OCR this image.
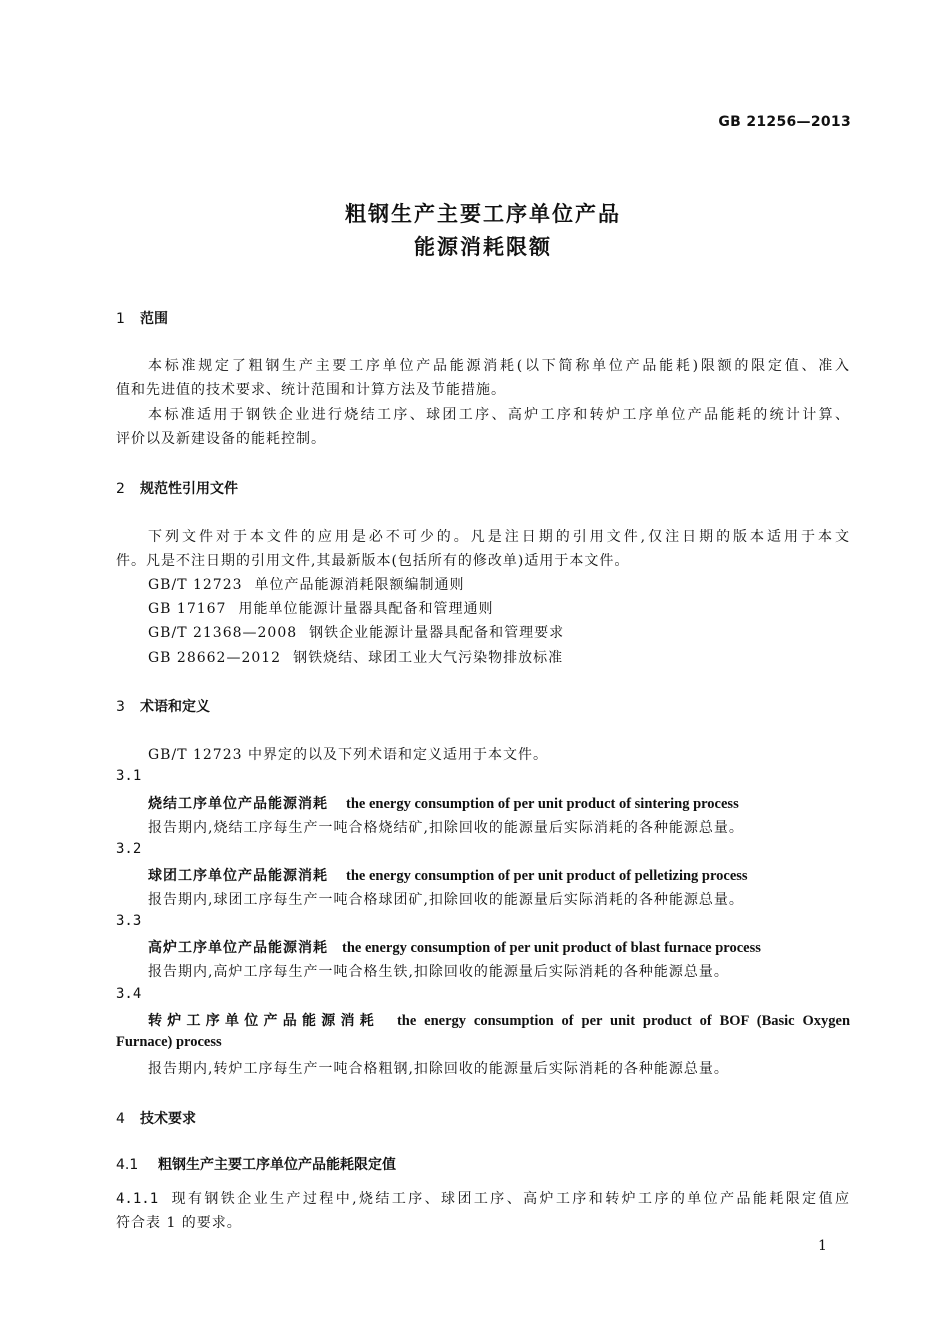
GB 21256—2013
粗钢生产主要工序单位产品
能源消耗限额
1 范围
本标准规定了粗钢生产主要工序单位产品能源消耗(以下简称单位产品能耗)限额的限定值、准入
值和先进值的技术要求、统计范围和计算方法及节能措施。
本标准适用于钢铁企业进行烧结工序、球团工序、高炉工序和转炉工序单位产品能耗的统计计算、
评价以及新建设备的能耗控制。
2 规范性引用文件
下列文件对于本文件的应用是必不可少的。凡是注日期的引用文件,仅注日期的版本适用于本文
件。凡是不注日期的引用文件,其最新版本(包括所有的修改单)适用于本文件。
GB/T 12723 单位产品能源消耗限额编制通则
GB 17167 用能单位能源计量器具配备和管理通则
GB/T 21368—2008 钢铁企业能源计量器具配备和管理要求
GB 28662—2012 钢铁烧结、球团工业大气污染物排放标准
3 术语和定义
GB/T 12723 中界定的以及下列术语和定义适用于本文件。
3.1
烧结工序单位产品能源消耗 the energy consumption of per unit product of sintering process
报告期内,烧结工序每生产一吨合格烧结矿,扣除回收的能源量后实际消耗的各种能源总量。
3.2
球团工序单位产品能源消耗 the energy consumption of per unit product of pelletizing process
报告期内,球团工序每生产一吨合格球团矿,扣除回收的能源量后实际消耗的各种能源总量。
3.3
高炉工序单位产品能源消耗 the energy consumption of per unit product of blast furnace process
报告期内,高炉工序每生产一吨合格生铁,扣除回收的能源量后实际消耗的各种能源总量。
3.4
转炉工序单位产品能源消耗 the energy consumption of per unit product of BOF (Basic Oxygen
Furnace) process
报告期内,转炉工序每生产一吨合格粗钢,扣除回收的能源量后实际消耗的各种能源总量。
4 技术要求
4.1 粗钢生产主要工序单位产品能耗限定值
4.1.1 现有钢铁企业生产过程中,烧结工序、球团工序、高炉工序和转炉工序的单位产品能耗限定值应
符合表 1 的要求。
1
